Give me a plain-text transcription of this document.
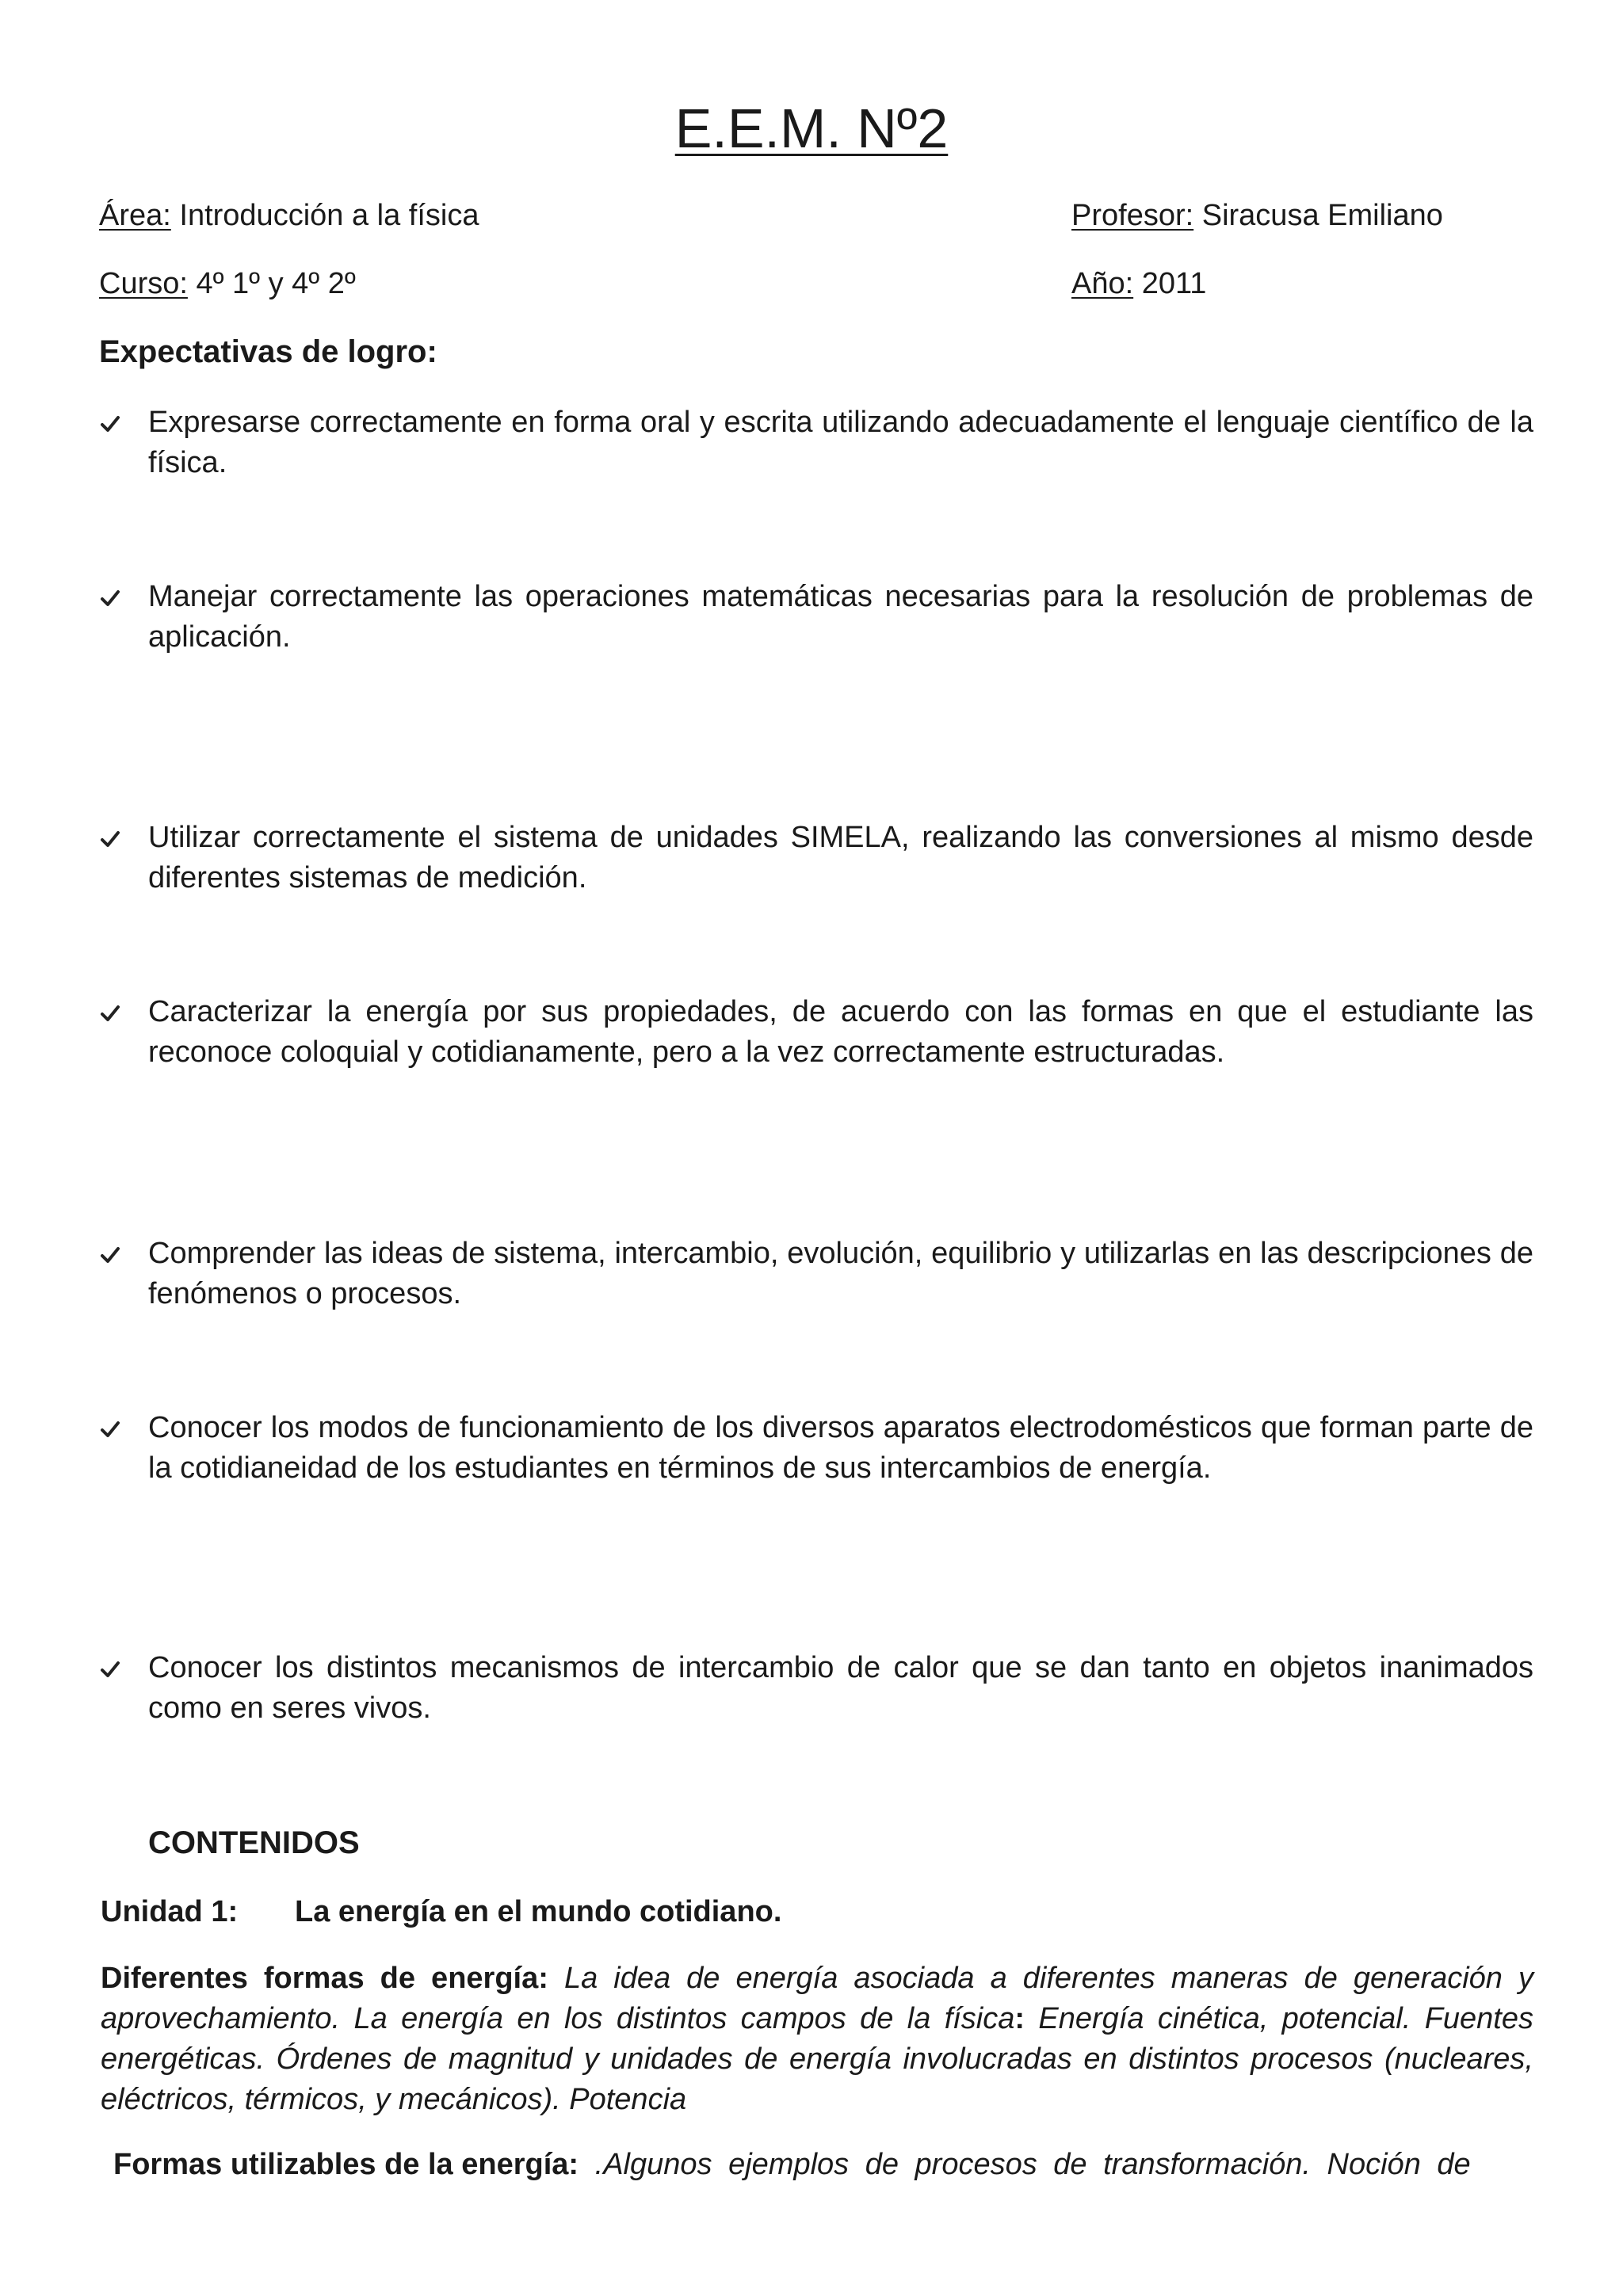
E.E.M. Nº2
Área: Introducción a la física	Profesor: Siracusa Emiliano
Curso: 4º 1º y 4º 2º	Año: 2011
Expectativas de logro:
Expresarse correctamente en forma oral y escrita utilizando adecuadamente el lenguaje científico de la física.
Manejar correctamente las operaciones matemáticas necesarias para la resolución de problemas de aplicación.
Utilizar correctamente el sistema de unidades SIMELA, realizando las conversiones al mismo desde diferentes sistemas de medición.
Caracterizar la energía por sus propiedades, de acuerdo con las formas en que el estudiante las reconoce coloquial y cotidianamente, pero a la vez correctamente estructuradas.
Comprender las ideas de sistema, intercambio, evolución, equilibrio y utilizarlas en las descripciones de fenómenos o procesos.
Conocer los modos de funcionamiento de los diversos aparatos electrodomésticos que forman parte de la cotidianeidad de los estudiantes en términos de sus intercambios de energía.
Conocer los distintos mecanismos de intercambio de calor que se dan tanto en objetos inanimados como en seres vivos.
CONTENIDOS
Unidad 1: La energía en el mundo cotidiano.
Diferentes formas de energía: La idea de energía asociada a diferentes maneras de generación y aprovechamiento. La energía en los distintos campos de la física: Energía cinética, potencial. Fuentes energéticas. Órdenes de magnitud y unidades de energía involucradas en distintos procesos (nucleares, eléctricos, térmicos, y mecánicos). Potencia
Formas utilizables de la energía: .Algunos ejemplos de procesos de transformación. Noción de
